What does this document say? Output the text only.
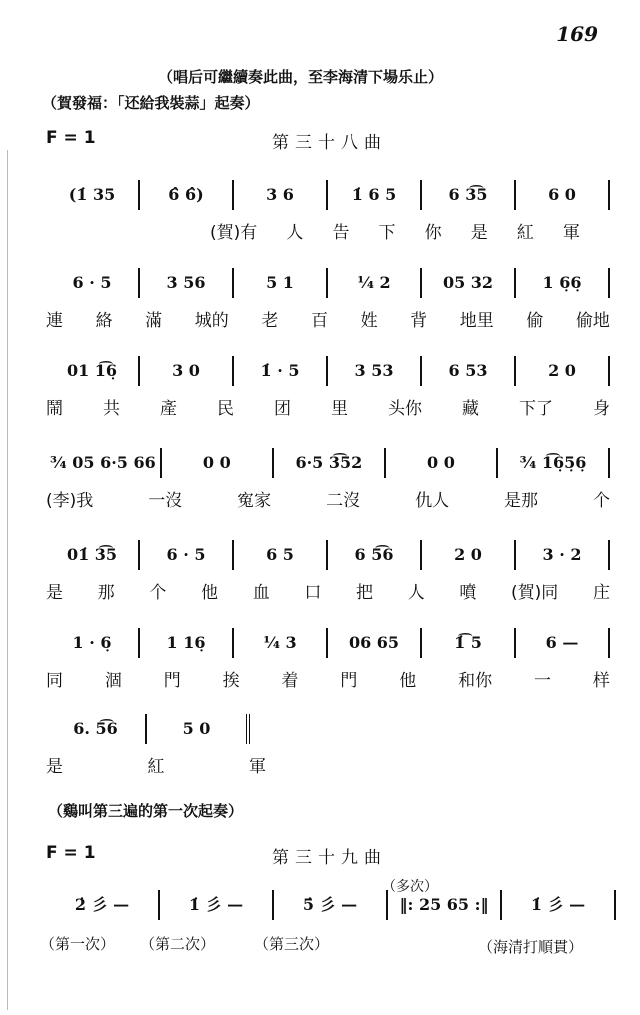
169
（唱后可繼續奏此曲，至李海清下場乐止）
（賀發福：「还給我裝蒜」起奏）
F = 1	第三十八曲
(1̇ 35	6̂ 6̂)	3 6	1̇ 6 5	6 3͡5	6 0
(賀)有 人 告 下 你 是 紅 軍
6 · 5	3 56	5 1	¹⁄₄ 2	05 32	1 6̣6̣
連 絡 滿 城的 老 百 姓 背 地里 偷 偷地
01 1͡6̣	3 0	1̇ · 5	3 53	6 53	2 0
鬧 共 產 民 团 里 头你 藏 下了 身
³⁄₄ 05 6·5 66	0 0	6·5 3͡52	0 0	³⁄₄ 1͡6̣5̣6̣
(李)我	一沒	寃家	二沒	仇人	是那	个
01̇ 3͡5	6 · 5	6 5	6 5͡6	2 0	3 · 2
是 那 个 他 血 口 把 人 噴 (賀)同 庄
1 · 6̣	1 16̣	¹⁄₄ 3	06 65	1̇͡ 5	6 —
同 涸 門 挨 着 門 他 和你 一 样
6. 5͡6	5 0
是	紅	軍
（鷄叫第三遍的第一次起奏）
F = 1	第三十九曲
（多次）
2̇ 彡 —	1̇ 彡 —	5̇ 彡 —	‖: 25 65 :‖	1̇ 彡 —
（第一次） （第二次）	（第三次）	（海清打順貫）
